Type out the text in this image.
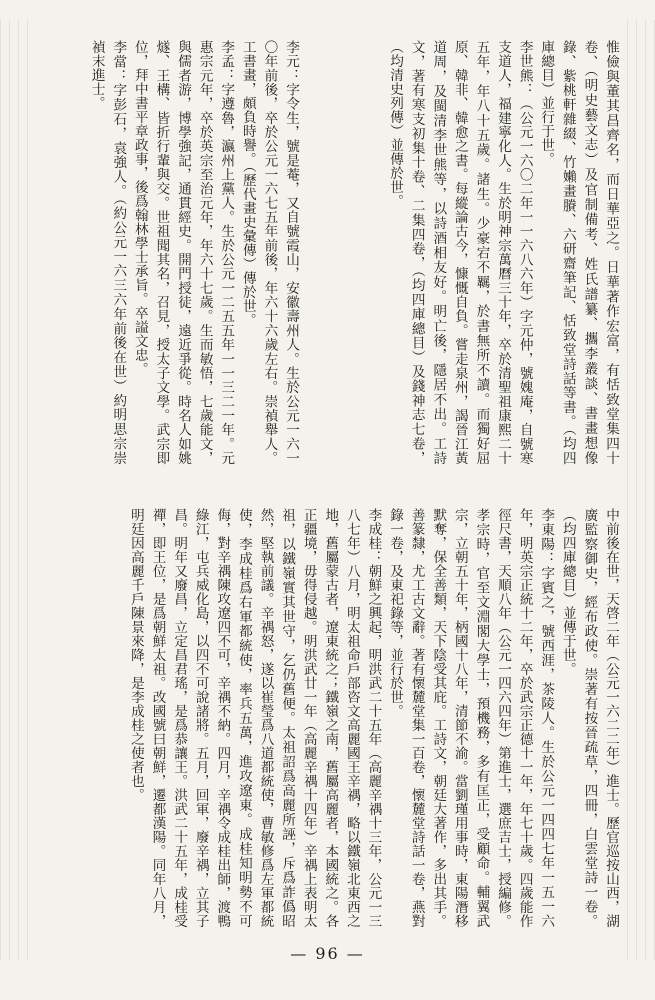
惟儉與董其昌齊名，而日華亞之。日華著作宏富，有恬致堂集四十卷、（明史藝文志）及官制備考、姓氏譜纂、攜李叢談、書畫想像錄、紫桃軒雜綴、竹嬾畫賸、六研齋筆記、恬致堂詩話等書。（均四庫總目）並行于世。

李世熊：（公元一六〇二年一一六八六年）字元仲，號媿庵，自號寒支道人，福建寧化人。生於明神宗萬曆三十年，卒於清聖祖康熙二十五年，年八十五歲。諸生。少豪宕不羈，於書無所不讀。而獨好屈原、韓非、韓愈之書。每縱論古今，慷慨自負。嘗走泉州，謁晉江黃道周，及閩清李世熊等，以詩酒相友好。明亡後，隱居不出。工詩文，著有寒支初集十卷、二集四卷，（均四庫總目）及錢神志七卷，（均清史列傳）並傳於世。

李元：字令生，號是菴，又自號霞山，安徽壽州人。生於公元一六一〇年前後，卒於公元一六七五年前後，年六十六歲左右。崇禎舉人。工書畫，頗負時譽。（歷代畫史彙傳）傳於世。

李孟：字遵魯，瀛州上黨人。生於公元一二五五年一一三二一年。元惠宗元年，卒於英宗至治元年，年六十七歲。生而敏悟，七歲能文，與儒者游，博學強記，通貫經史。開門授徒，遠近爭從。時名人如姚燧、王構、皆折行輩與交。世祖聞其名，召見，授太子文學。武宗即位，拜中書平章政事，後爲翰林學士承旨。卒謚文忠。

李當：字彭石，袁強人。（約公元一六三六年前後在世）約明思宗崇禎末進士。

中前後在世，天啓二年（公元一六二二年）進士。歷官巡按山西，湖廣監察御史，經布政使。崇著有按晉疏草，四冊，白雲堂詩一卷。（均四庫總目）並傳于世。

李東陽：字賓之，號西涯，茶陵人。生於公元一四四七年一五一六年，明英宗正統十二年，卒於武宗正德十一年，年七十歲。四歲能作徑尺書，天順八年（公元一四六四年）第進士，選庶吉士，授編修。孝宗時，官至文淵閣大學士，預機務，多有匡正，受顧命。輔翼武宗，立朝五十年，柄國十八年，清節不渝。當劉瑾用事時，東陽潛移默奪，保全善類，天下陰受其庇。工詩文，朝廷大著作，多出其手。善篆隸，尤工古文辭。著有懷麓堂集一百卷，懷麓堂詩話一卷，燕對錄一卷，及東祀錄等，並行於世。

李成桂：朝鮮之興起，明洪武二十五年（高麗辛禑十三年，公元一三八七年）八月，明太祖命戶部咨文高麗國王辛禑，略以鐵嶺北東西之地，舊屬蒙古者，遼東統之；鐵嶺之南，舊屬高麗者，本國統之。各正疆境，毋得侵越。明洪武廿一年（高麗辛禑十四年）辛禑上表明太祖，以鐵嶺實其世守，乞仍舊便。太祖詔爲高麗所誣，斥爲詐僞昭然，堅執前議。辛禑怒，遂以崔瑩爲八道都統使，曹敏修爲左軍都統使，李成桂爲右軍都統使，率兵五萬，進攻遼東。成桂知明勢不可侮，對辛禑陳攻遼四不可，辛禑不納。四月，辛禑令成桂出師，渡鴨綠江，屯兵威化島，以四不可說諸將。五月，回軍，廢辛禑，立其子昌。明年又廢昌，立定昌君瑤，是爲恭讓王。洪武二十五年，成桂受禪，即王位，是爲朝鮮太祖。改國號曰朝鮮，遷都漢陽。同年八月，明廷因高麗千戶陳景來降，是李成桂之使者也。

— 96 —
